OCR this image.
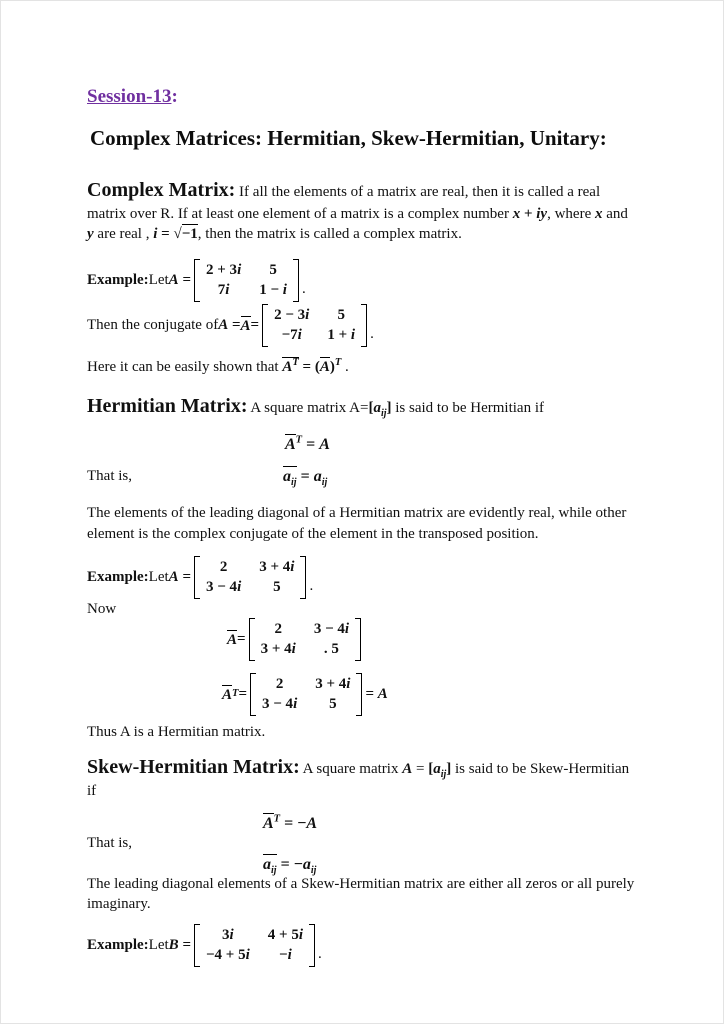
Session-13:
Complex Matrices: Hermitian, Skew-Hermitian, Unitary:

Complex Matrix: If all the elements of a matrix are real, then it is called a real matrix over R. If at least one element of a matrix is a complex number x + iy, where x and y are real , i = √−1, then the matrix is called a complex matrix.

Example: Let A =
2 + 3i	5
7i	1 − i .
Then the conjugate of A = A =
2 − 3i	5
−7i	1 + i .

Here it can be easily shown that $A^T = (A)^T$ .

Hermitian Matrix: A square matrix $A=[a_{ij}]$ is said to be Hermitian if

$A^T = A$

That is,	$a_{ij} = a_{ij}$

The elements of the leading diagonal of a Hermitian matrix are evidently real, while other element is the complex conjugate of the element in the transposed position.

Example: Let A =
2	3 + 4i
3 − 4i	5	.

Now

A =
2	3 − 4i
3 + 4i	. 5
A T =
2	3 + 4i
3 − 4i	5
= A

Thus A is a Hermitian matrix.

Skew-Hermitian Matrix: A square matrix $A = [a_{ij}]$ is said to be Skew-Hermitian if

$A^T = -A$

That is,

$a_{ij} = -a_{ij}$

The leading diagonal elements of a Skew-Hermitian matrix are either all zeros or all purely imaginary.

Example: Let B =
3i	4 + 5i
−4 + 5i	−i	.
